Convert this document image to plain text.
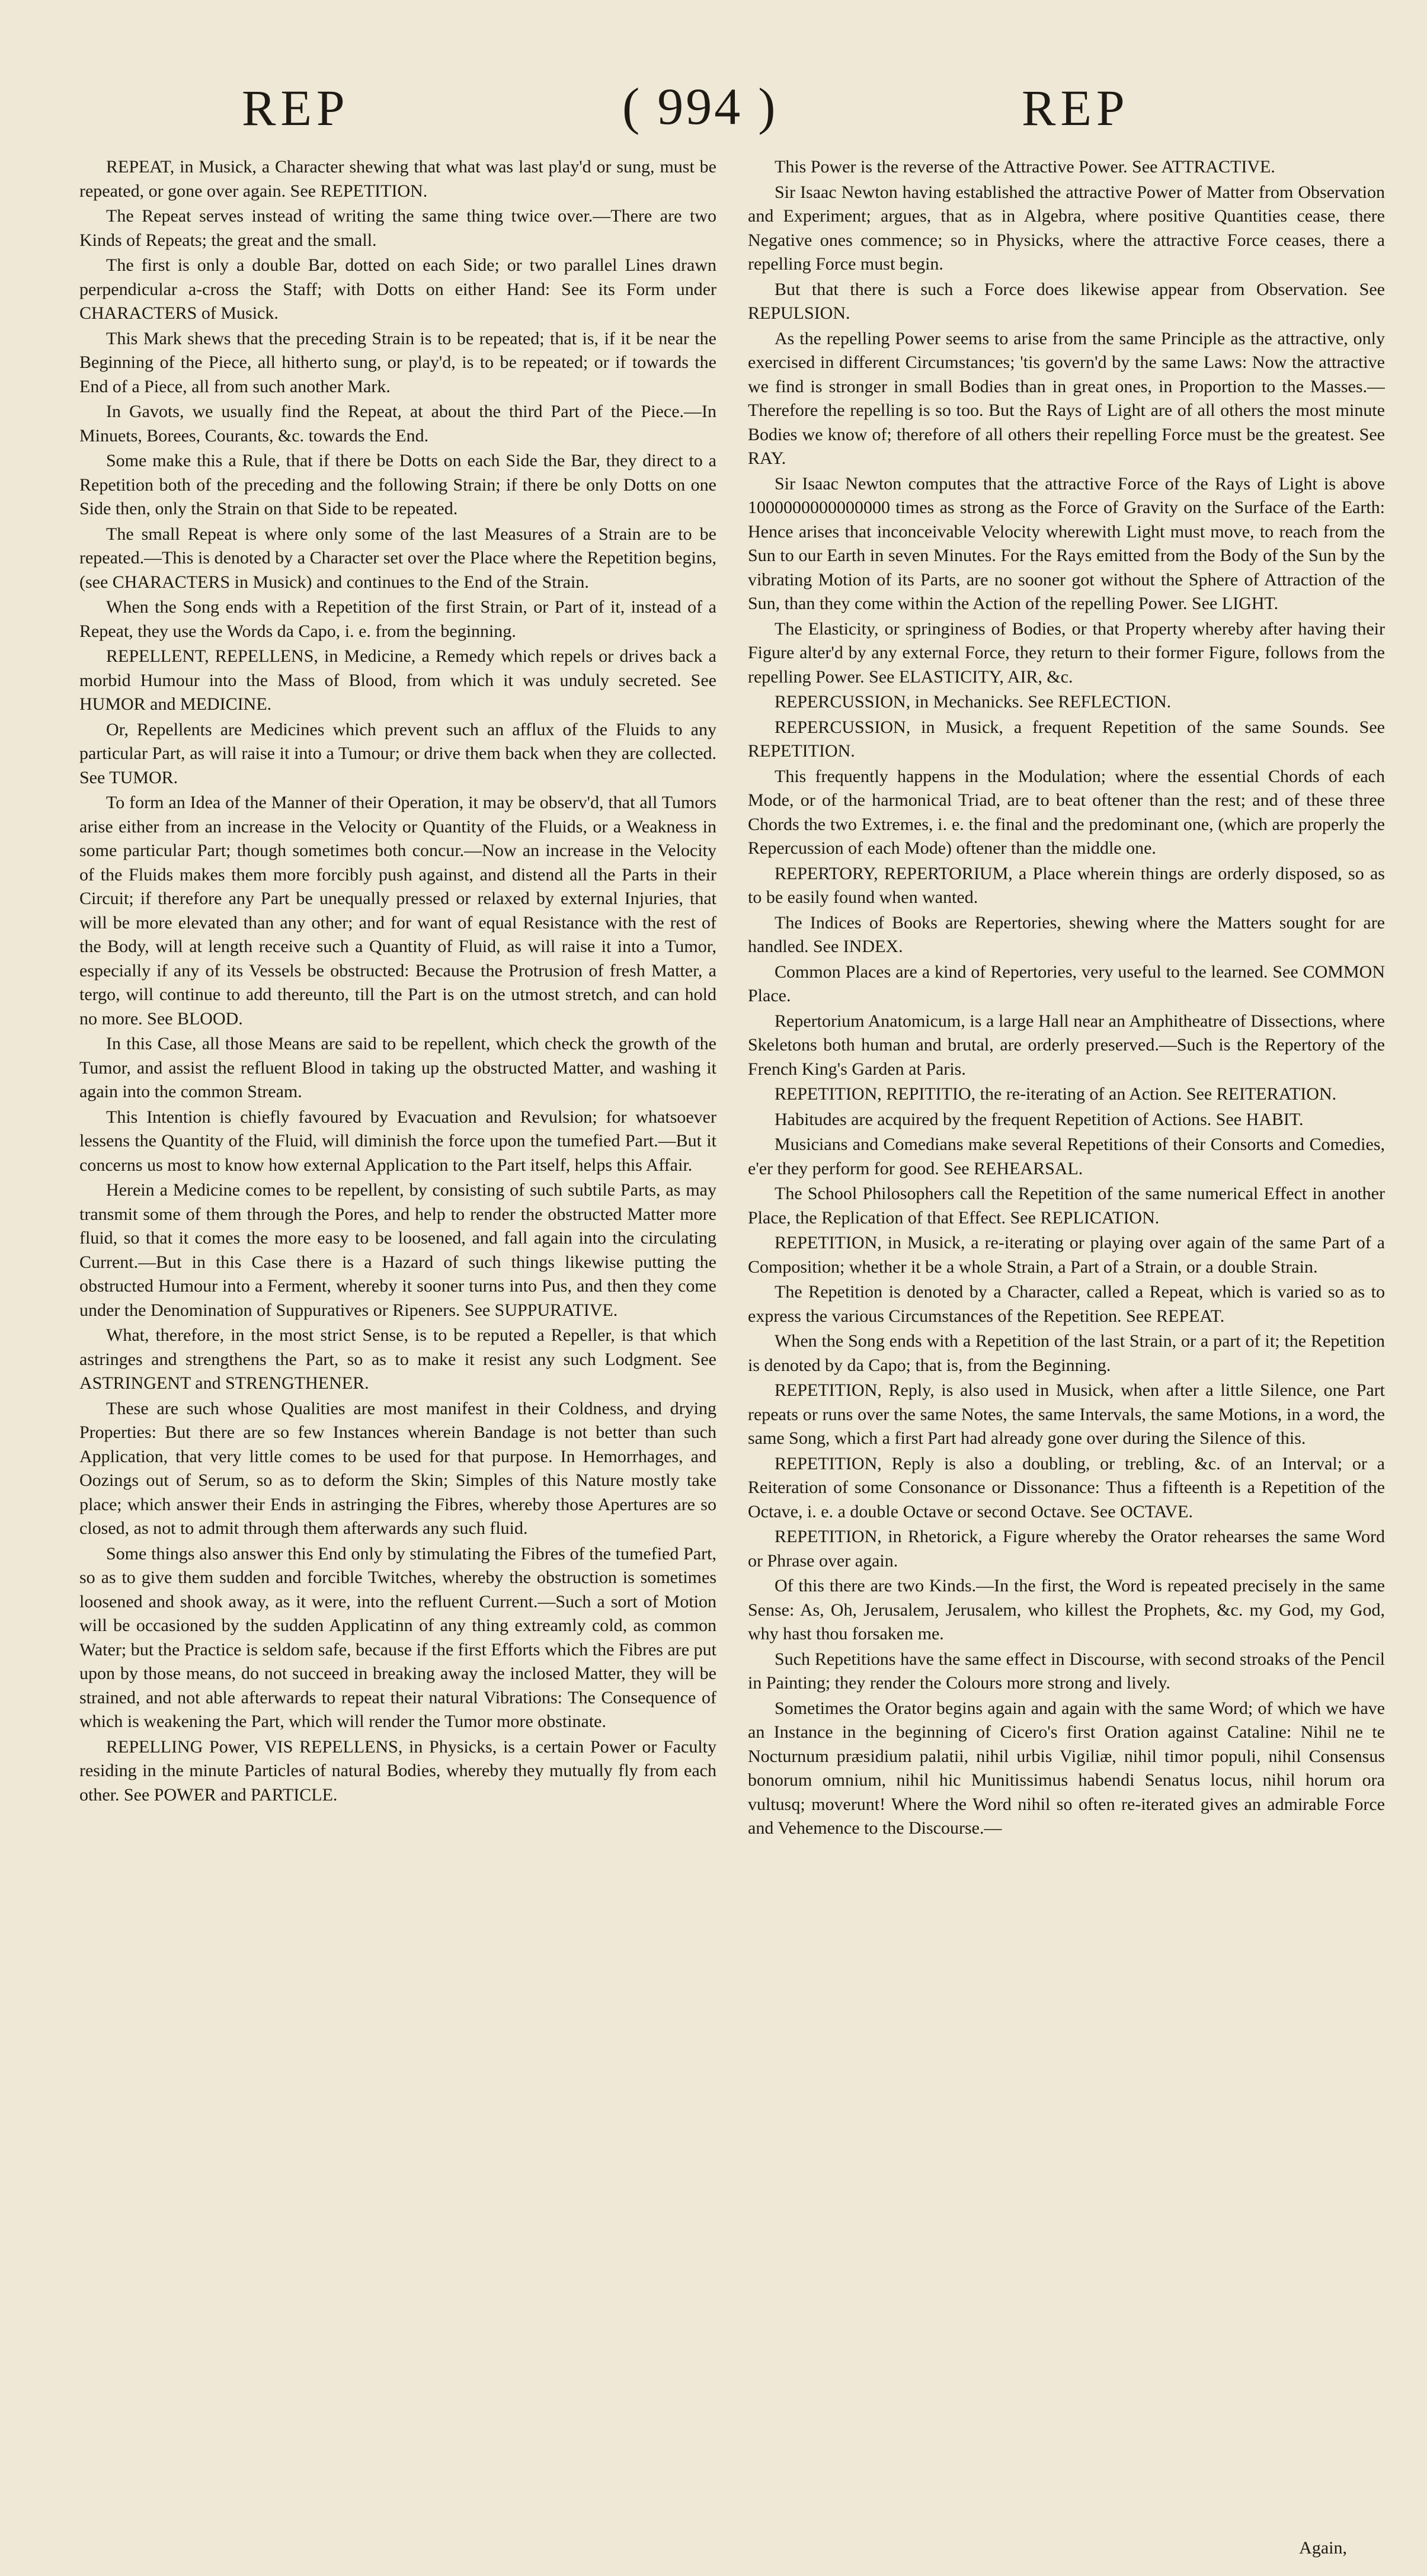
REP	( 994 )	REP

REPEAT, in Musick, a Character shewing that what was last play'd or sung, must be repeated, or gone over again. See REPETITION.

The Repeat serves instead of writing the same thing twice over.—There are two Kinds of Repeats; the great and the small.

The first is only a double Bar, dotted on each Side; or two parallel Lines drawn perpendicular a-cross the Staff; with Dotts on either Hand: See its Form under CHARACTERS of Musick.

This Mark shews that the preceding Strain is to be repeated; that is, if it be near the Beginning of the Piece, all hitherto sung, or play'd, is to be repeated; or if towards the End of a Piece, all from such another Mark.

In Gavots, we usually find the Repeat, at about the third Part of the Piece.—In Minuets, Borees, Courants, &c. towards the End.

Some make this a Rule, that if there be Dotts on each Side the Bar, they direct to a Repetition both of the preceding and the following Strain; if there be only Dotts on one Side then, only the Strain on that Side to be repeated.

The small Repeat is where only some of the last Measures of a Strain are to be repeated.—This is denoted by a Character set over the Place where the Repetition begins, (see CHARACTERS in Musick) and continues to the End of the Strain.

When the Song ends with a Repetition of the first Strain, or Part of it, instead of a Repeat, they use the Words da Capo, i. e. from the beginning.

REPELLENT, REPELLENS, in Medicine, a Remedy which repels or drives back a morbid Humour into the Mass of Blood, from which it was unduly secreted. See HUMOR and MEDICINE.

Or, Repellents are Medicines which prevent such an afflux of the Fluids to any particular Part, as will raise it into a Tumour; or drive them back when they are collected. See TUMOR.

To form an Idea of the Manner of their Operation, it may be observ'd, that all Tumors arise either from an increase in the Velocity or Quantity of the Fluids, or a Weakness in some particular Part; though sometimes both concur.—Now an increase in the Velocity of the Fluids makes them more forcibly push against, and distend all the Parts in their Circuit; if therefore any Part be unequally pressed or relaxed by external Injuries, that will be more elevated than any other; and for want of equal Resistance with the rest of the Body, will at length receive such a Quantity of Fluid, as will raise it into a Tumor, especially if any of its Vessels be obstructed: Because the Protrusion of fresh Matter, a tergo, will continue to add thereunto, till the Part is on the utmost stretch, and can hold no more. See BLOOD.

In this Case, all those Means are said to be repellent, which check the growth of the Tumor, and assist the refluent Blood in taking up the obstructed Matter, and washing it again into the common Stream.

This Intention is chiefly favoured by Evacuation and Revulsion; for whatsoever lessens the Quantity of the Fluid, will diminish the force upon the tumefied Part.—But it concerns us most to know how external Application to the Part itself, helps this Affair.

Herein a Medicine comes to be repellent, by consisting of such subtile Parts, as may transmit some of them through the Pores, and help to render the obstructed Matter more fluid, so that it comes the more easy to be loosened, and fall again into the circulating Current.—But in this Case there is a Hazard of such things likewise putting the obstructed Humour into a Ferment, whereby it sooner turns into Pus, and then they come under the Denomination of Suppuratives or Ripeners. See SUPPURATIVE.

What, therefore, in the most strict Sense, is to be reputed a Repeller, is that which astringes and strengthens the Part, so as to make it resist any such Lodgment. See ASTRINGENT and STRENGTHENER.

These are such whose Qualities are most manifest in their Coldness, and drying Properties: But there are so few Instances wherein Bandage is not better than such Application, that very little comes to be used for that purpose. In Hemorrhages, and Oozings out of Serum, so as to deform the Skin; Simples of this Nature mostly take place; which answer their Ends in astringing the Fibres, whereby those Apertures are so closed, as not to admit through them afterwards any such fluid.

Some things also answer this End only by stimulating the Fibres of the tumefied Part, so as to give them sudden and forcible Twitches, whereby the obstruction is sometimes loosened and shook away, as it were, into the refluent Current.—Such a sort of Motion will be occasioned by the sudden Applicatinn of any thing extreamly cold, as common Water; but the Practice is seldom safe, because if the first Efforts which the Fibres are put upon by those means, do not succeed in breaking away the inclosed Matter, they will be strained, and not able afterwards to repeat their natural Vibrations: The Consequence of which is weakening the Part, which will render the Tumor more obstinate.

REPELLING Power, VIS REPELLENS, in Physicks, is a certain Power or Faculty residing in the minute Particles of natural Bodies, whereby they mutually fly from each other. See POWER and PARTICLE.

This Power is the reverse of the Attractive Power. See ATTRACTIVE.

Sir Isaac Newton having established the attractive Power of Matter from Observation and Experiment; argues, that as in Algebra, where positive Quantities cease, there Negative ones commence; so in Physicks, where the attractive Force ceases, there a repelling Force must begin.

But that there is such a Force does likewise appear from Observation. See REPULSION.

As the repelling Power seems to arise from the same Principle as the attractive, only exercised in different Circumstances; 'tis govern'd by the same Laws: Now the attractive we find is stronger in small Bodies than in great ones, in Proportion to the Masses.—Therefore the repelling is so too. But the Rays of Light are of all others the most minute Bodies we know of; therefore of all others their repelling Force must be the greatest. See RAY.

Sir Isaac Newton computes that the attractive Force of the Rays of Light is above 1000000000000000 times as strong as the Force of Gravity on the Surface of the Earth: Hence arises that inconceivable Velocity wherewith Light must move, to reach from the Sun to our Earth in seven Minutes. For the Rays emitted from the Body of the Sun by the vibrating Motion of its Parts, are no sooner got without the Sphere of Attraction of the Sun, than they come within the Action of the repelling Power. See LIGHT.

The Elasticity, or springiness of Bodies, or that Property whereby after having their Figure alter'd by any external Force, they return to their former Figure, follows from the repelling Power. See ELASTICITY, AIR, &c.

REPERCUSSION, in Mechanicks. See REFLECTION.

REPERCUSSION, in Musick, a frequent Repetition of the same Sounds. See REPETITION.

This frequently happens in the Modulation; where the essential Chords of each Mode, or of the harmonical Triad, are to beat oftener than the rest; and of these three Chords the two Extremes, i. e. the final and the predominant one, (which are properly the Repercussion of each Mode) oftener than the middle one.

REPERTORY, REPERTORIUM, a Place wherein things are orderly disposed, so as to be easily found when wanted.

The Indices of Books are Repertories, shewing where the Matters sought for are handled. See INDEX.

Common Places are a kind of Repertories, very useful to the learned. See COMMON Place.

Repertorium Anatomicum, is a large Hall near an Amphitheatre of Dissections, where Skeletons both human and brutal, are orderly preserved.—Such is the Repertory of the French King's Garden at Paris.

REPETITION, REPITITIO, the re-iterating of an Action. See REITERATION.

Habitudes are acquired by the frequent Repetition of Actions. See HABIT.

Musicians and Comedians make several Repetitions of their Consorts and Comedies, e'er they perform for good. See REHEARSAL.

The School Philosophers call the Repetition of the same numerical Effect in another Place, the Replication of that Effect. See REPLICATION.

REPETITION, in Musick, a re-iterating or playing over again of the same Part of a Composition; whether it be a whole Strain, a Part of a Strain, or a double Strain.

The Repetition is denoted by a Character, called a Repeat, which is varied so as to express the various Circumstances of the Repetition. See REPEAT.

When the Song ends with a Repetition of the last Strain, or a part of it; the Repetition is denoted by da Capo; that is, from the Beginning.

REPETITION, Reply, is also used in Musick, when after a little Silence, one Part repeats or runs over the same Notes, the same Intervals, the same Motions, in a word, the same Song, which a first Part had already gone over during the Silence of this.

REPETITION, Reply is also a doubling, or trebling, &c. of an Interval; or a Reiteration of some Consonance or Dissonance: Thus a fifteenth is a Repetition of the Octave, i. e. a double Octave or second Octave. See OCTAVE.

REPETITION, in Rhetorick, a Figure whereby the Orator rehearses the same Word or Phrase over again.

Of this there are two Kinds.—In the first, the Word is repeated precisely in the same Sense: As, Oh, Jerusalem, Jerusalem, who killest the Prophets, &c. my God, my God, why hast thou forsaken me.

Such Repetitions have the same effect in Discourse, with second stroaks of the Pencil in Painting; they render the Colours more strong and lively.

Sometimes the Orator begins again and again with the same Word; of which we have an Instance in the beginning of Cicero's first Oration against Cataline: Nihil ne te Nocturnum præsidium palatii, nihil urbis Vigiliæ, nihil timor populi, nihil Consensus bonorum omnium, nihil hic Munitissimus habendi Senatus locus, nihil horum ora vultusq; moverunt! Where the Word nihil so often re-iterated gives an admirable Force and Vehemence to the Discourse.—

Again,
